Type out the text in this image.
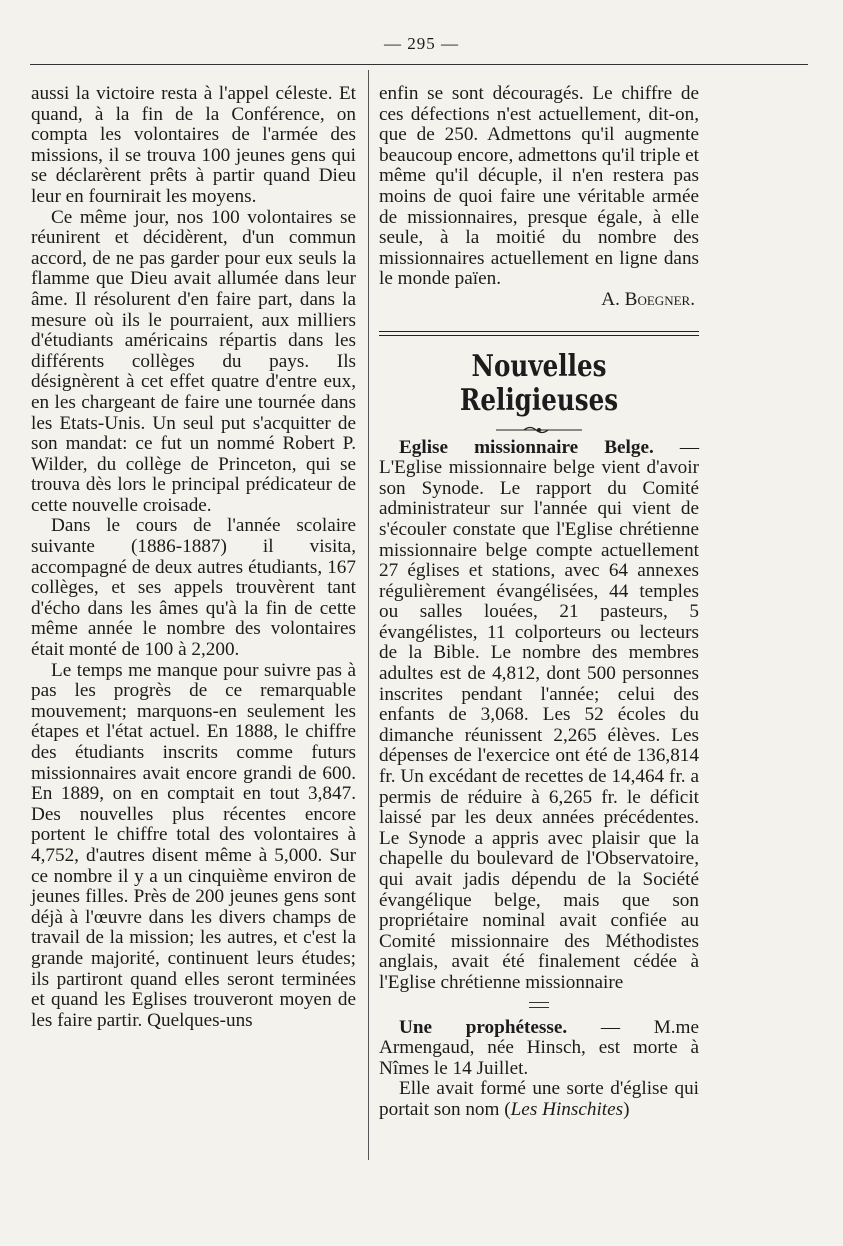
— 295 —

aussi la victoire resta à l'appel céleste. Et quand, à la fin de la Conférence, on compta les volontaires de l'armée des missions, il se trouva 100 jeunes gens qui se déclarèrent prêts à partir quand Dieu leur en fournirait les moyens.

Ce même jour, nos 100 volontaires se réunirent et décidèrent, d'un commun accord, de ne pas garder pour eux seuls la flamme que Dieu avait allumée dans leur âme. Il résolurent d'en faire part, dans la mesure où ils le pourraient, aux milliers d'étudiants américains répartis dans les différents collèges du pays. Ils désignèrent à cet effet quatre d'entre eux, en les chargeant de faire une tournée dans les Etats-Unis. Un seul put s'acquitter de son mandat: ce fut un nommé Robert P. Wilder, du collège de Princeton, qui se trouva dès lors le principal prédicateur de cette nouvelle croisade.

Dans le cours de l'année scolaire suivante (1886-1887) il visita, accompagné de deux autres étudiants, 167 collèges, et ses appels trouvèrent tant d'écho dans les âmes qu'à la fin de cette même année le nombre des volontaires était monté de 100 à 2,200.

Le temps me manque pour suivre pas à pas les progrès de ce remarquable mouvement; marquons-en seulement les étapes et l'état actuel. En 1888, le chiffre des étudiants inscrits comme futurs missionnaires avait encore grandi de 600. En 1889, on en comptait en tout 3,847. Des nouvelles plus récentes encore portent le chiffre total des volontaires à 4,752, d'autres disent même à 5,000. Sur ce nombre il y a un cinquième environ de jeunes filles. Près de 200 jeunes gens sont déjà à l'œuvre dans les divers champs de travail de la mission; les autres, et c'est la grande majorité, continuent leurs études; ils partiront quand elles seront terminées et quand les Eglises trouveront moyen de les faire partir. Quelques-uns

enfin se sont découragés. Le chiffre de ces défections n'est actuellement, dit-on, que de 250. Admettons qu'il augmente beaucoup encore, admettons qu'il triple et même qu'il décuple, il n'en restera pas moins de quoi faire une véritable armée de missionnaires, presque égale, à elle seule, à la moitié du nombre des missionnaires actuellement en ligne dans le monde païen.

A. Boegner.

Nouvelles Religieuses

Eglise missionnaire Belge. — L'Eglise missionnaire belge vient d'avoir son Synode. Le rapport du Comité administrateur sur l'année qui vient de s'écouler constate que l'Eglise chrétienne missionnaire belge compte actuellement 27 églises et stations, avec 64 annexes régulièrement évangélisées, 44 temples ou salles louées, 21 pasteurs, 5 évangélistes, 11 colporteurs ou lecteurs de la Bible. Le nombre des membres adultes est de 4,812, dont 500 personnes inscrites pendant l'année; celui des enfants de 3,068. Les 52 écoles du dimanche réunissent 2,265 élèves. Les dépenses de l'exercice ont été de 136,814 fr. Un excédant de recettes de 14,464 fr. a permis de réduire à 6,265 fr. le déficit laissé par les deux années précédentes. Le Synode a appris avec plaisir que la chapelle du boulevard de l'Observatoire, qui avait jadis dépendu de la Société évangélique belge, mais que son propriétaire nominal avait confiée au Comité missionnaire des Méthodistes anglais, avait été finalement cédée à l'Eglise chrétienne missionnaire

Une prophétesse. — M.me Armengaud, née Hinsch, est morte à Nîmes le 14 Juillet.

Elle avait formé une sorte d'église qui portait son nom (Les Hinschites)
